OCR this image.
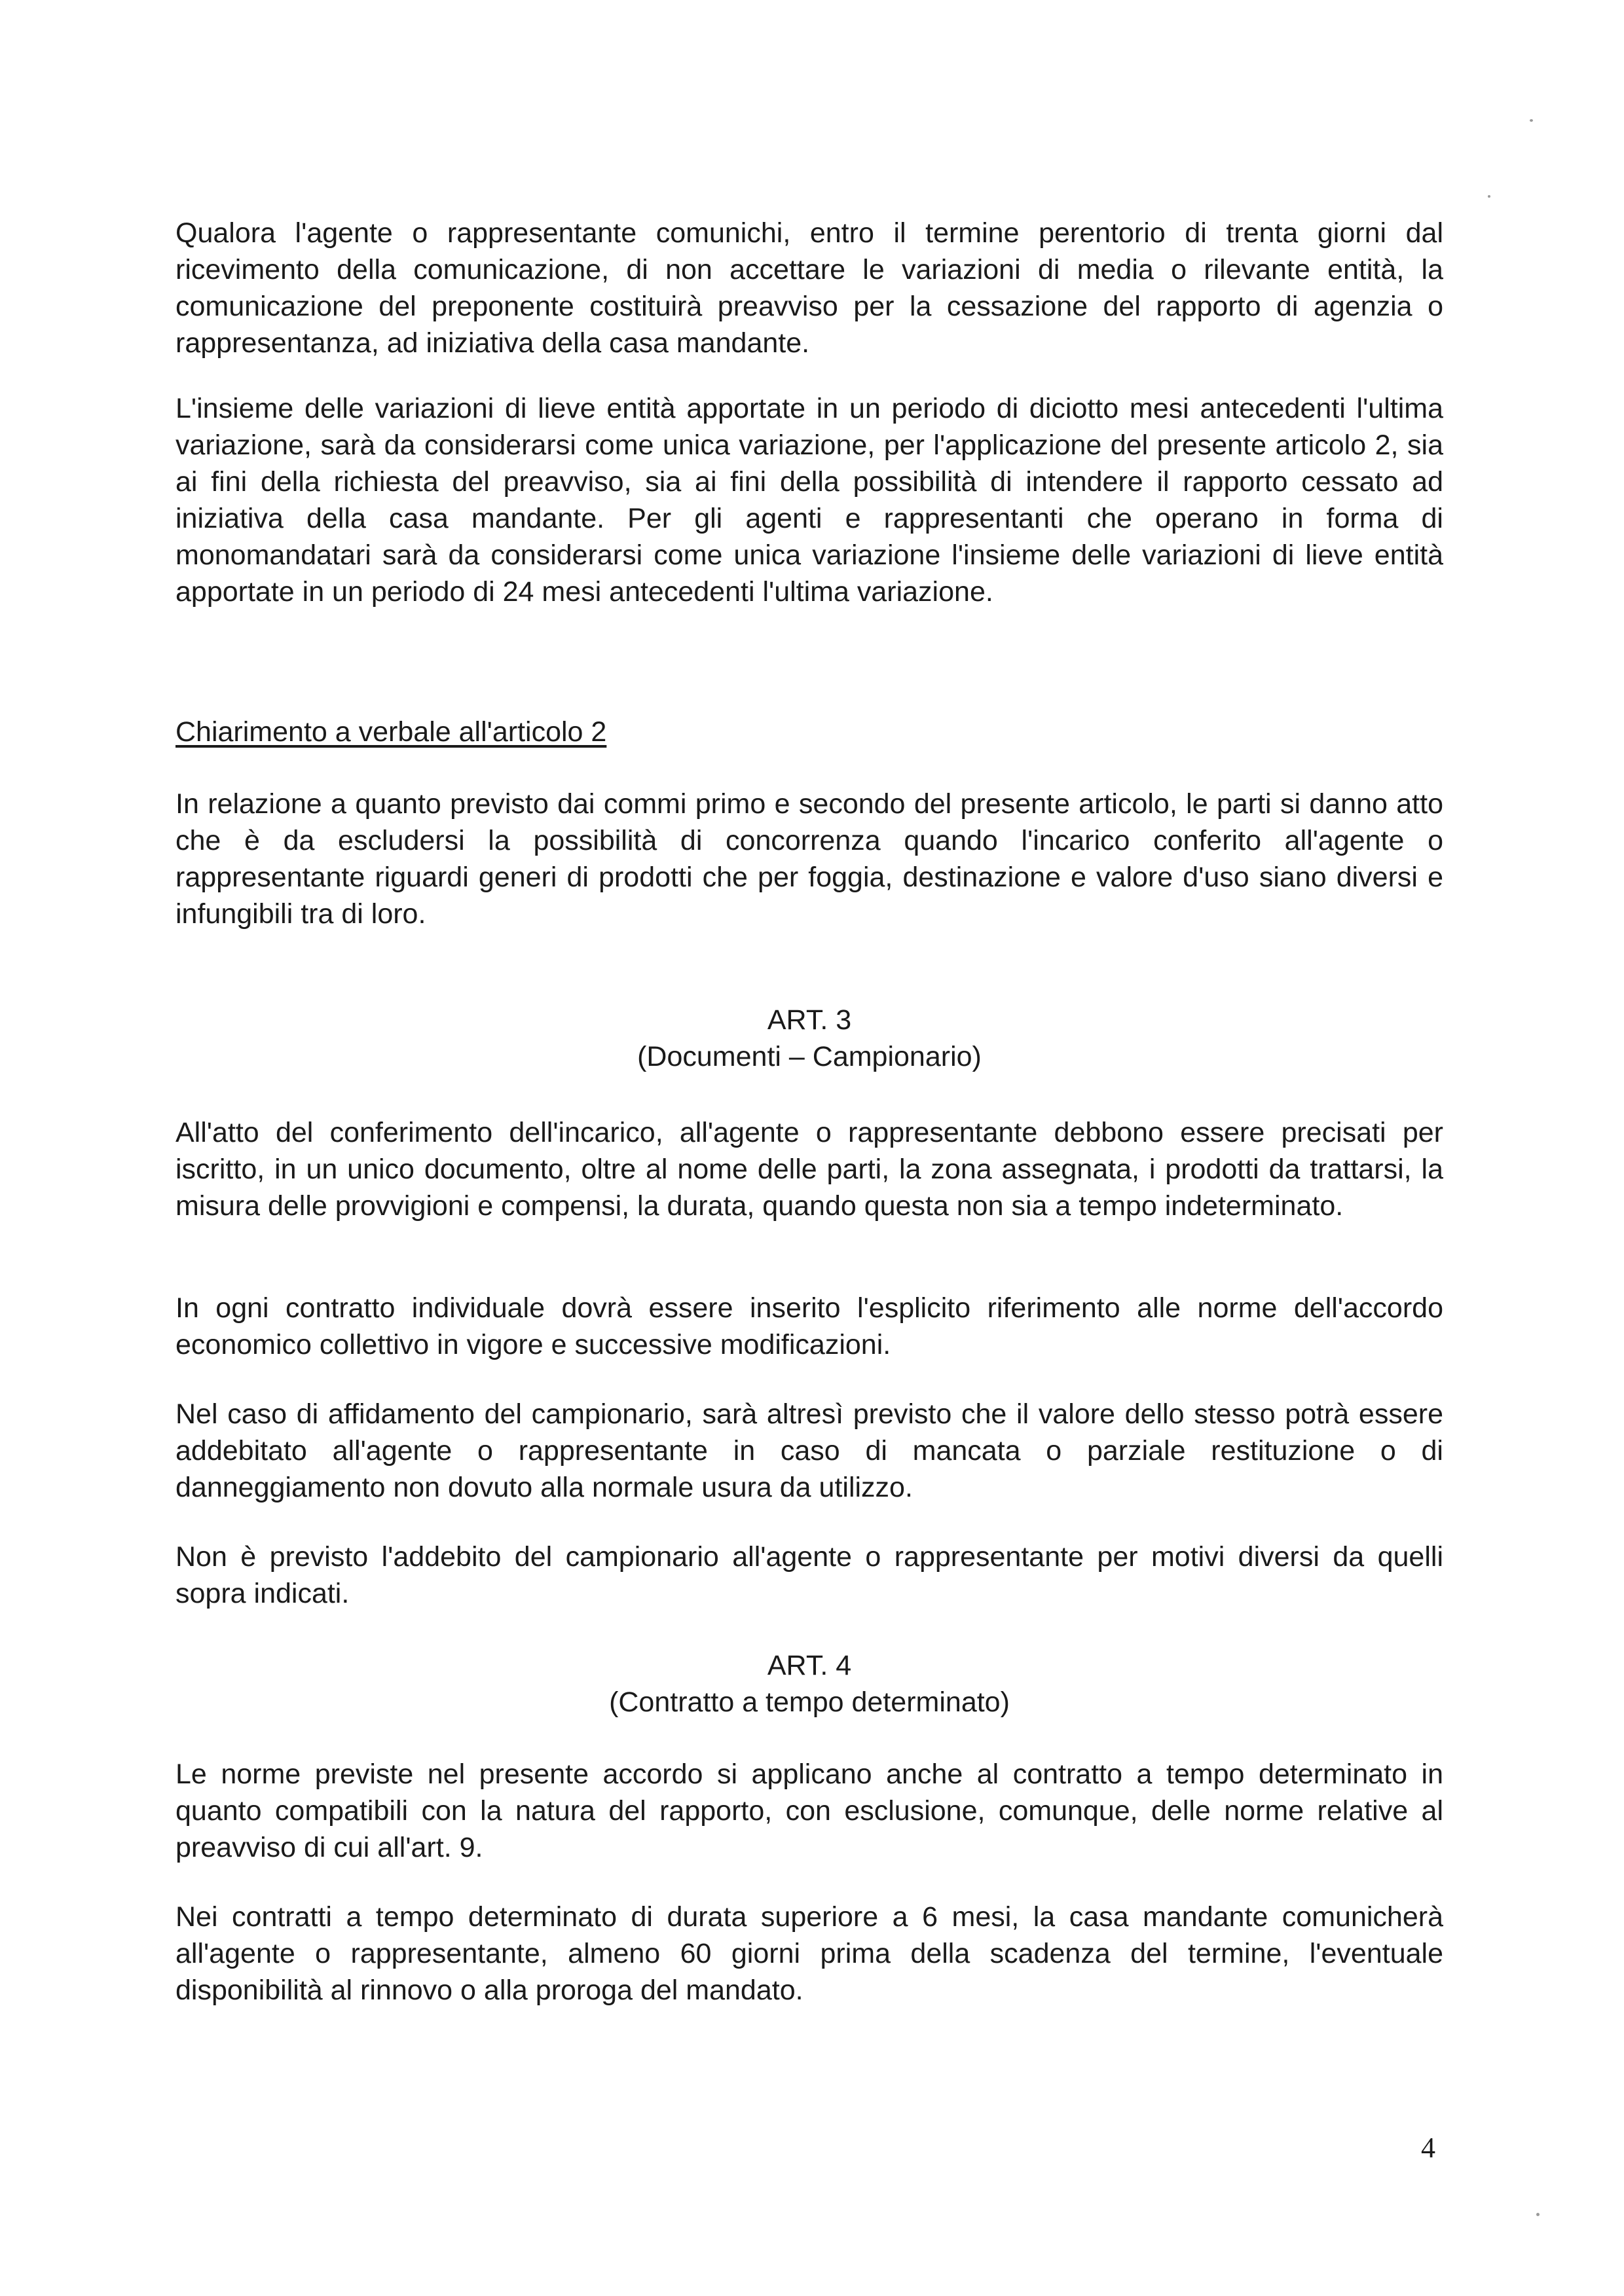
Qualora l'agente o rappresentante comunichi, entro il termine perentorio di trenta giorni dal ricevimento della comunicazione, di non accettare le variazioni di media o rilevante entità, la comunicazione del preponente costituirà preavviso per la cessazione del rapporto di agenzia o rappresentanza, ad iniziativa della casa mandante.

L'insieme delle variazioni di lieve entità apportate in un periodo di diciotto mesi antecedenti l'ultima variazione, sarà da considerarsi come unica variazione, per l'applicazione del presente articolo 2, sia ai fini della richiesta del preavviso, sia ai fini della possibilità di intendere il rapporto cessato ad iniziativa della casa mandante. Per gli agenti e rappresentanti che operano in forma di monomandatari sarà da considerarsi come unica variazione l'insieme delle variazioni di lieve entità apportate in un periodo di 24 mesi antecedenti l'ultima variazione.

Chiarimento a verbale all'articolo 2

In relazione a quanto previsto dai commi primo e secondo del presente articolo, le parti si danno atto che è da escludersi la possibilità di concorrenza quando l'incarico conferito all'agente o rappresentante riguardi generi di prodotti che per foggia, destinazione e valore d'uso siano diversi e infungibili tra di loro.

ART. 3

(Documenti – Campionario)

All'atto del conferimento dell'incarico, all'agente o rappresentante debbono essere precisati per iscritto, in un unico documento, oltre al nome delle parti, la zona assegnata, i prodotti da trattarsi, la misura delle provvigioni e compensi, la durata, quando questa non sia a tempo indeterminato.

In ogni contratto individuale dovrà essere inserito l'esplicito riferimento alle norme dell'accordo economico collettivo in vigore e successive modificazioni.

Nel caso di affidamento del campionario, sarà altresì previsto che il valore dello stesso potrà essere addebitato all'agente o rappresentante in caso di mancata o parziale restituzione o di danneggiamento non dovuto alla normale usura da utilizzo.

Non è previsto l'addebito del campionario all'agente o rappresentante per motivi diversi da quelli sopra indicati.

ART. 4

(Contratto a tempo determinato)

Le norme previste nel presente accordo si applicano anche al contratto a tempo determinato in quanto compatibili con la natura del rapporto, con esclusione, comunque, delle norme relative al preavviso di cui all'art. 9.

Nei contratti a tempo determinato di durata superiore a 6 mesi, la casa mandante comunicherà all'agente o rappresentante, almeno 60 giorni prima della scadenza del termine, l'eventuale disponibilità al rinnovo o alla proroga del mandato.

4
